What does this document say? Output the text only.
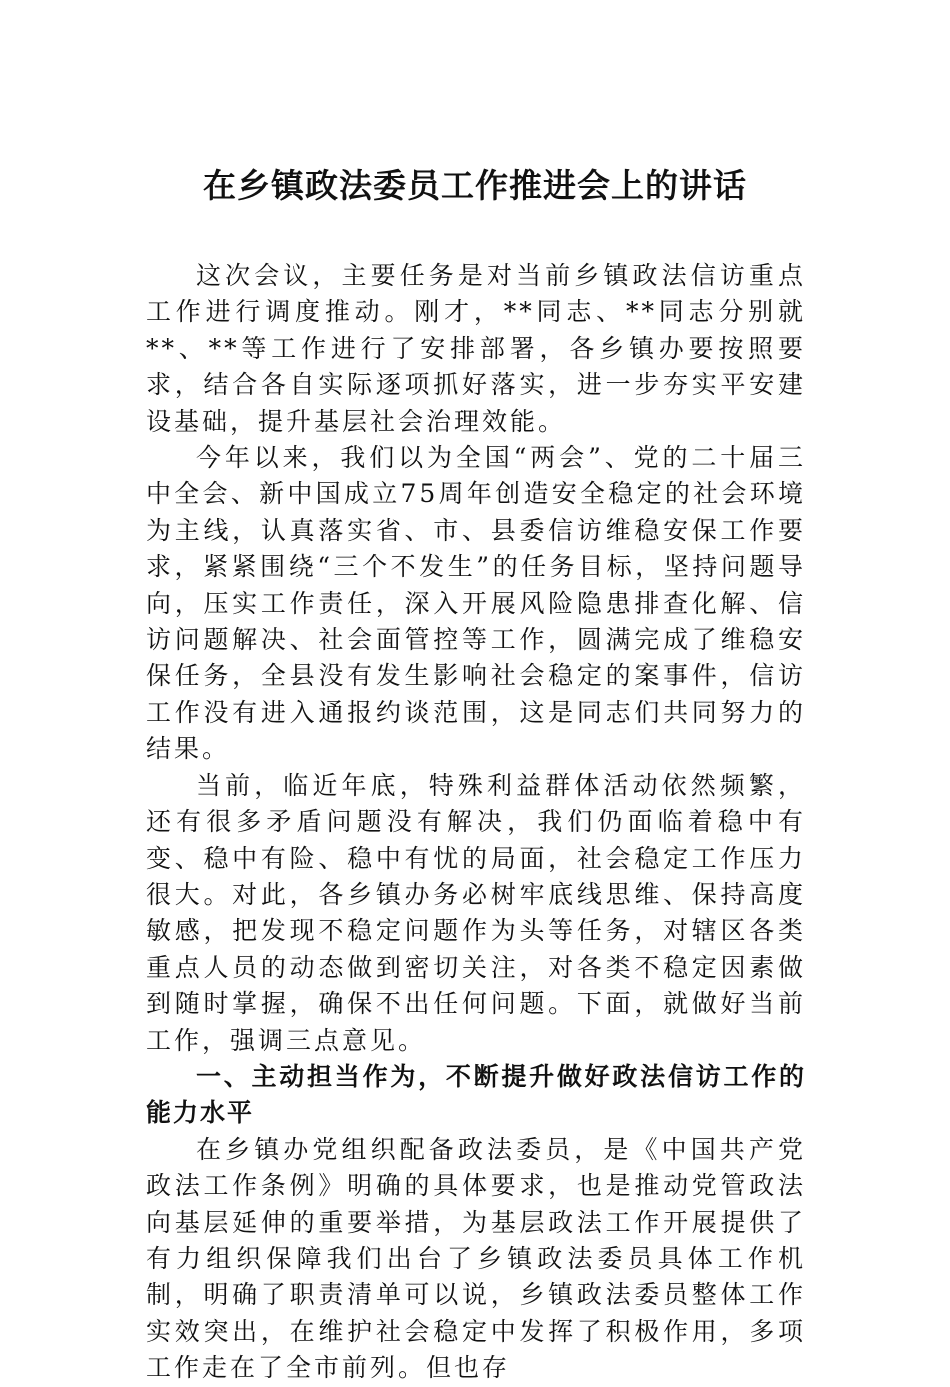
在乡镇政法委员工作推进会上的讲话

这次会议，主要任务是对当前乡镇政法信访重点工作进行调度推动。刚才，**同志、**同志分别就**、**等工作进行了安排部署，各乡镇办要按照要求，结合各自实际逐项抓好落实，进一步夯实平安建设基础，提升基层社会治理效能。

今年以来，我们以为全国“两会”、党的二十届三中全会、新中国成立75周年创造安全稳定的社会环境为主线，认真落实省、市、县委信访维稳安保工作要求，紧紧围绕“三个不发生”的任务目标，坚持问题导向，压实工作责任，深入开展风险隐患排查化解、信访问题解决、社会面管控等工作，圆满完成了维稳安保任务，全县没有发生影响社会稳定的案事件，信访工作没有进入通报约谈范围，这是同志们共同努力的结果。

当前，临近年底，特殊利益群体活动依然频繁，还有很多矛盾问题没有解决，我们仍面临着稳中有变、稳中有险、稳中有忧的局面，社会稳定工作压力很大。对此，各乡镇办务必树牢底线思维、保持高度敏感，把发现不稳定问题作为头等任务，对辖区各类重点人员的动态做到密切关注，对各类不稳定因素做到随时掌握，确保不出任何问题。下面，就做好当前工作，强调三点意见。

一、主动担当作为，不断提升做好政法信访工作的能力水平

在乡镇办党组织配备政法委员，是《中国共产党政法工作条例》明确的具体要求，也是推动党管政法向基层延伸的重要举措，为基层政法工作开展提供了有力组织保障我们出台了乡镇政法委员具体工作机制，明确了职责清单可以说，乡镇政法委员整体工作实效突出，在维护社会稳定中发挥了积极作用，多项工作走在了全市前列。但也存
